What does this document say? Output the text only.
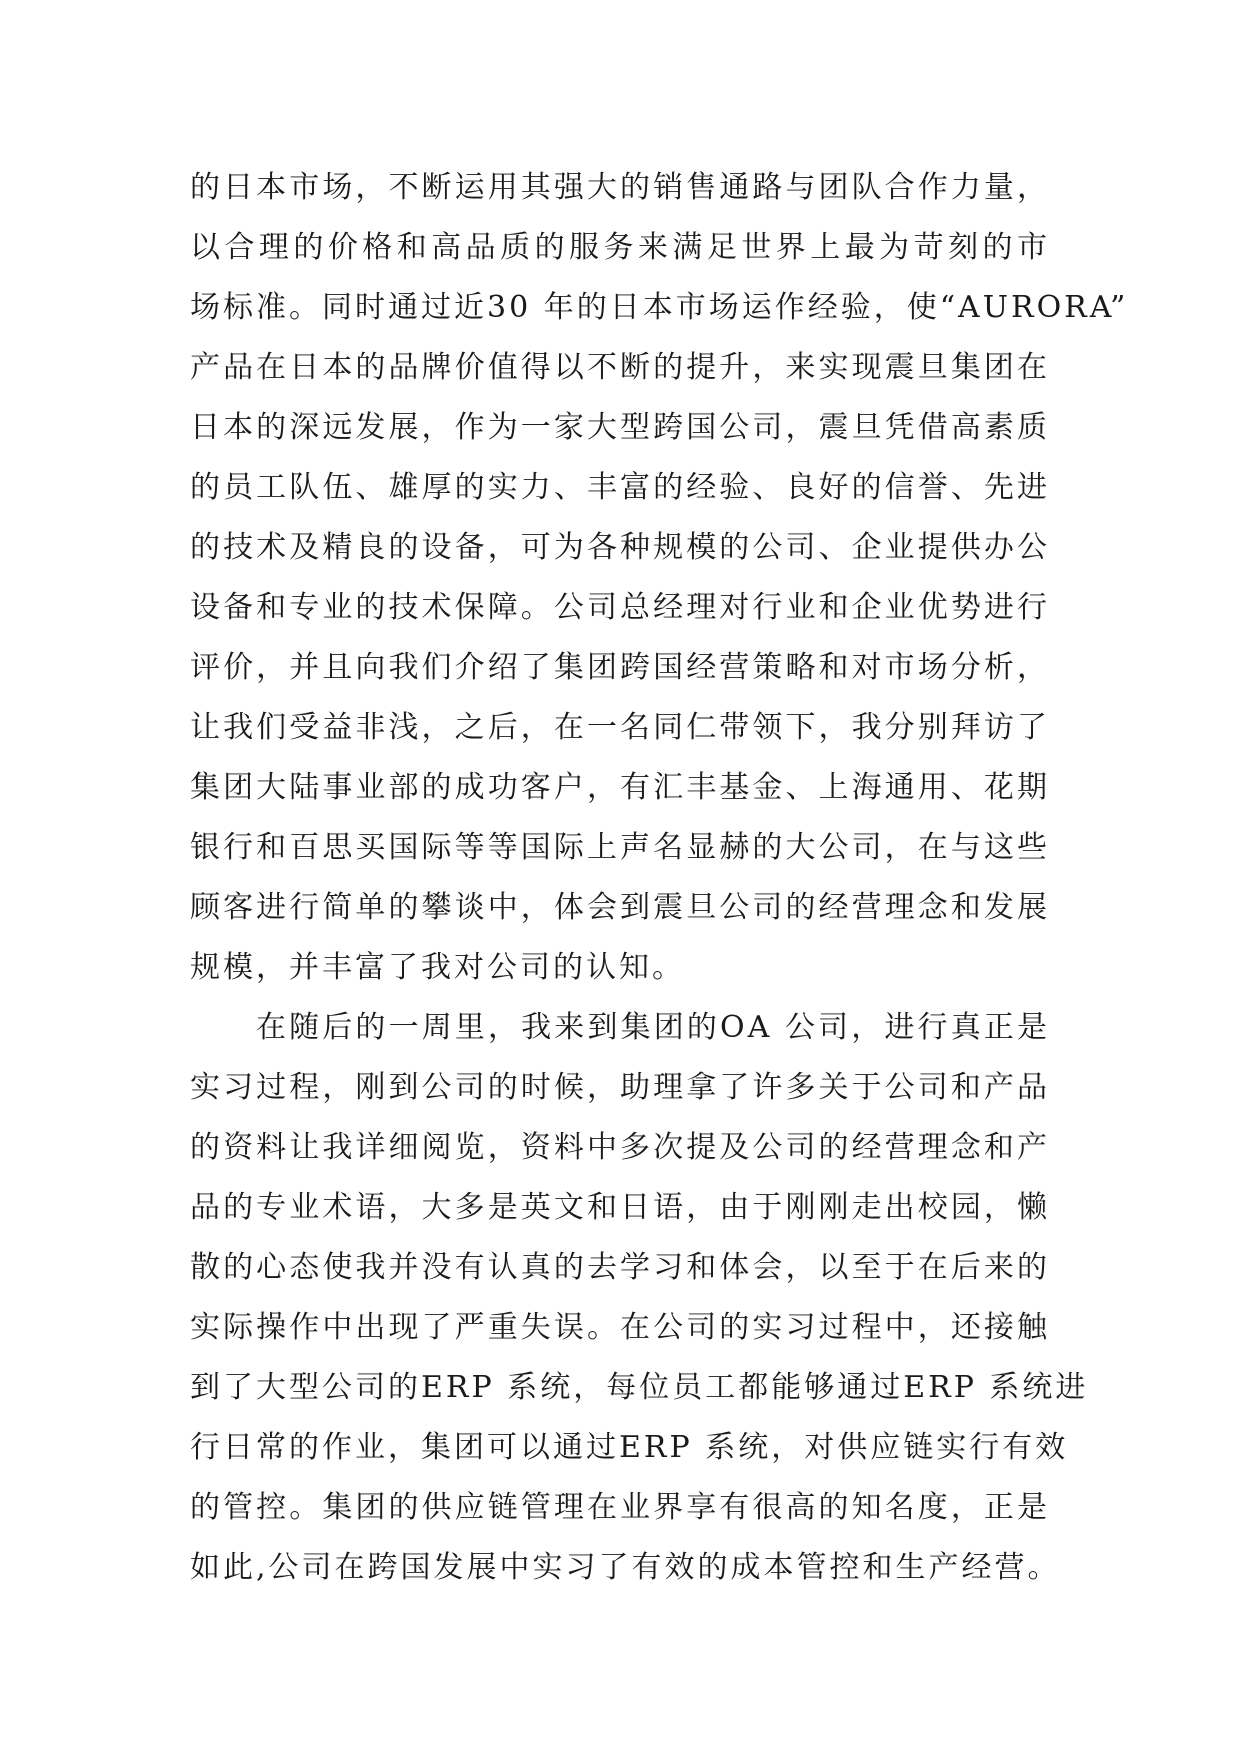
的日本市场，不断运用其强大的销售通路与团队合作力量，
以合理的价格和高品质的服务来满足世界上最为苛刻的市
场标准。同时通过近30 年的日本市场运作经验，使“AURORA”
产品在日本的品牌价值得以不断的提升，来实现震旦集团在
日本的深远发展，作为一家大型跨国公司，震旦凭借高素质
的员工队伍、雄厚的实力、丰富的经验、良好的信誉、先进
的技术及精良的设备，可为各种规模的公司、企业提供办公
设备和专业的技术保障。公司总经理对行业和企业优势进行
评价，并且向我们介绍了集团跨国经营策略和对市场分析，
让我们受益非浅，之后，在一名同仁带领下，我分别拜访了
集团大陆事业部的成功客户，有汇丰基金、上海通用、花期
银行和百思买国际等等国际上声名显赫的大公司，在与这些
顾客进行简单的攀谈中，体会到震旦公司的经营理念和发展
规模，并丰富了我对公司的认知。
在随后的一周里，我来到集团的OA 公司，进行真正是
实习过程，刚到公司的时候，助理拿了许多关于公司和产品
的资料让我详细阅览，资料中多次提及公司的经营理念和产
品的专业术语，大多是英文和日语，由于刚刚走出校园，懒
散的心态使我并没有认真的去学习和体会，以至于在后来的
实际操作中出现了严重失误。在公司的实习过程中，还接触
到了大型公司的ERP 系统，每位员工都能够通过ERP 系统进
行日常的作业，集团可以通过ERP 系统，对供应链实行有效
的管控。集团的供应链管理在业界享有很高的知名度，正是
如此,公司在跨国发展中实习了有效的成本管控和生产经营。
